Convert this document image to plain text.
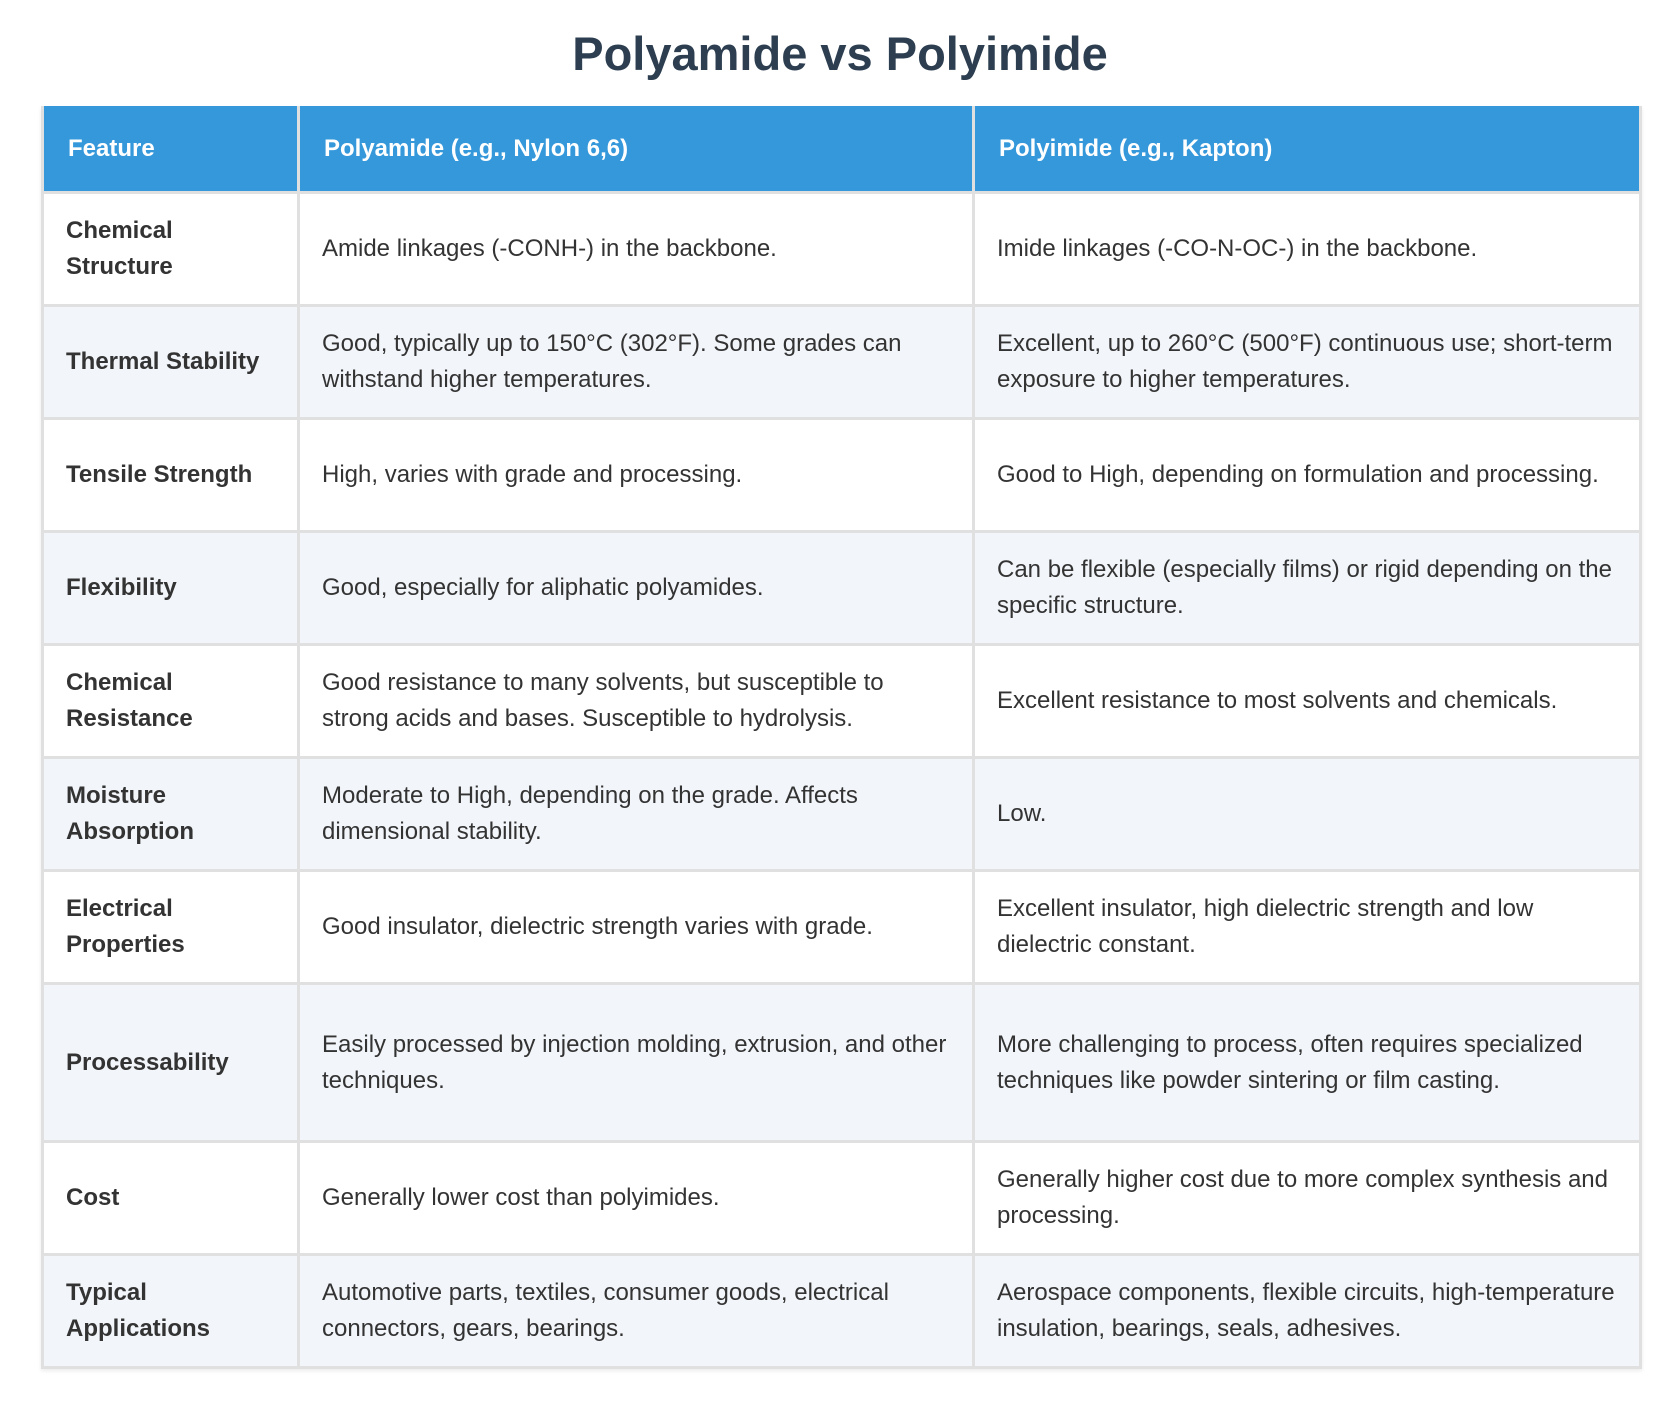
Polyamide vs Polyimide
Feature	Polyamide (e.g., Nylon 6,6)	Polyimide (e.g., Kapton)
Chemical Structure	Amide linkages (-CONH-) in the backbone.	Imide linkages (-CO-N-OC-) in the backbone.
Thermal Stability	Good, typically up to 150°C (302°F). Some grades can withstand higher temperatures.	Excellent, up to 260°C (500°F) continuous use; short-term exposure to higher temperatures.
Tensile Strength	High, varies with grade and processing.	Good to High, depending on formulation and processing.
Flexibility	Good, especially for aliphatic polyamides.	Can be flexible (especially films) or rigid depending on the specific structure.
Chemical Resistance	Good resistance to many solvents, but susceptible to strong acids and bases. Susceptible to hydrolysis.	Excellent resistance to most solvents and chemicals.
Moisture Absorption	Moderate to High, depending on the grade. Affects dimensional stability.	Low.
Electrical Properties	Good insulator, dielectric strength varies with grade.	Excellent insulator, high dielectric strength and low dielectric constant.
Processability	Easily processed by injection molding, extrusion, and other techniques.	More challenging to process, often requires specialized techniques like powder sintering or film casting.
Cost	Generally lower cost than polyimides.	Generally higher cost due to more complex synthesis and processing.
Typical Applications	Automotive parts, textiles, consumer goods, electrical connectors, gears, bearings.	Aerospace components, flexible circuits, high-temperature insulation, bearings, seals, adhesives.
